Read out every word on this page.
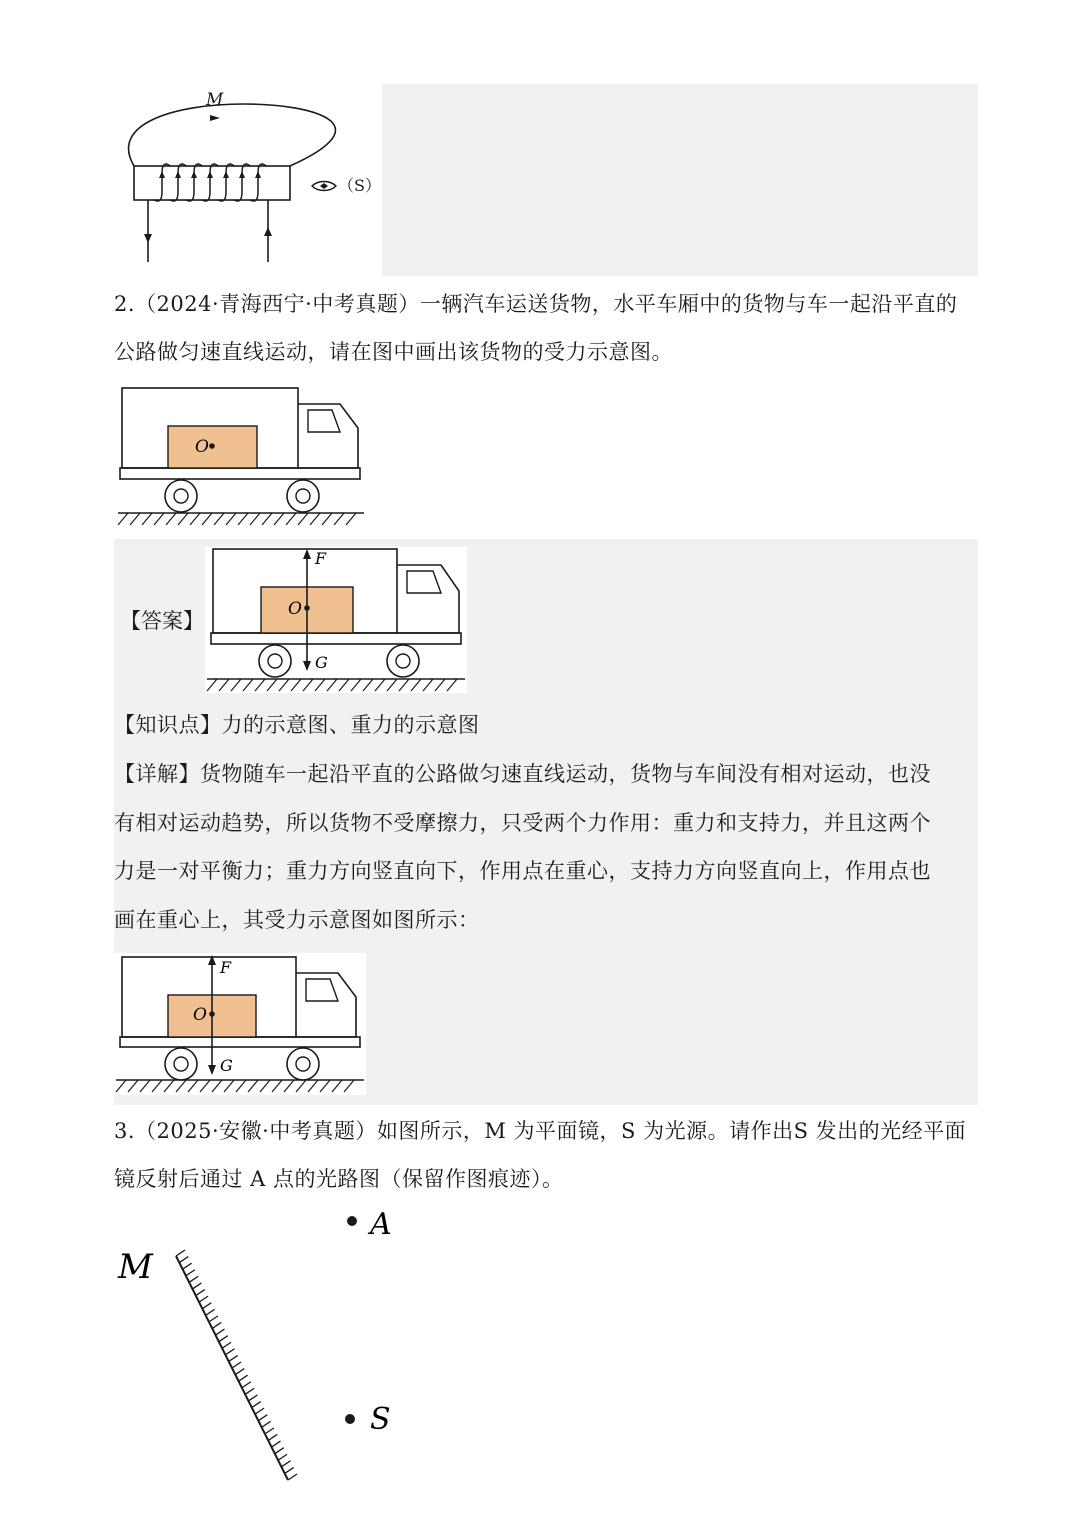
M
（S）
2.（2024·青海西宁·中考真题）一辆汽车运送货物，水平车厢中的货物与车一起沿平直的
公路做匀速直线运动，请在图中画出该货物的受力示意图。
O
【答案】	O
F
G
【知识点】力的示意图、重力的示意图
【详解】货物随车一起沿平直的公路做匀速直线运动，货物与车间没有相对运动，也没
有相对运动趋势，所以货物不受摩擦力，只受两个力作用：重力和支持力，并且这两个
力是一对平衡力；重力方向竖直向下，作用点在重心，支持力方向竖直向上，作用点也
画在重心上，其受力示意图如图所示：
O
F
G
3.（2025·安徽·中考真题）如图所示，M 为平面镜，S 为光源。请作出S 发出的光经平面
镜反射后通过 A 点的光路图（保留作图痕迹）。
M
A
S
